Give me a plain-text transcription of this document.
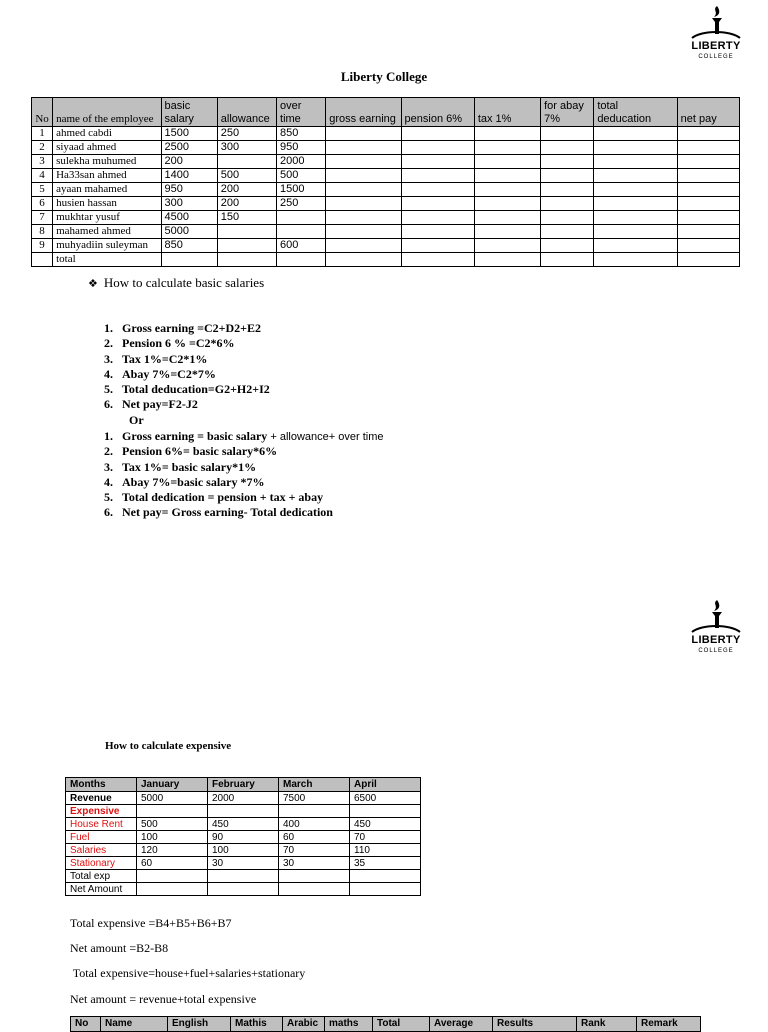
LIBERTY
COLLEGE
Liberty College
No	name of the employee	basic salary	allowance	over time	gross earning	pension 6%	tax 1%	for abay 7%	total deducation	net pay
1	ahmed cabdi	1500	250	850						
2	siyaad ahmed	2500	300	950						
3	sulekha muhumed	200		2000						
4	Ha33san ahmed	1400	500	500						
5	ayaan mahamed	950	200	1500						
6	husien hassan	300	200	250						
7	mukhtar yusuf	4500	150							
8	mahamed ahmed	5000								
9	muhyadiin suleyman	850		600						
	total									
❖ How to calculate basic salaries
1. Gross earning =C2+D2+E2
2. Pension 6 % =C2*6%
3. Tax 1%=C2*1%
4. Abay 7%=C2*7%
5. Total deducation=G2+H2+I2
6. Net pay=F2-J2
Or
1. Gross earning = basic salary + allowance+ over time
2. Pension 6%= basic salary*6%
3. Tax 1%= basic salary*1%
4. Abay 7%=basic salary *7%
5. Total dedication = pension + tax + abay
6. Net pay= Gross earning- Total dedication
LIBERTY
COLLEGE
How to calculate expensive
Months	January	February	March	April
Revenue	5000	2000	7500	6500
Expensive				
House Rent	500	450	400	450
Fuel	100	90	60	70
Salaries	120	100	70	110
Stationary	60	30	30	35
Total exp				
Net Amount				
Total expensive =B4+B5+B6+B7
Net amount =B2-B8
Total expensive=house+fuel+salaries+stationary
Net amount = revenue+total expensive
No	Name	English	Mathis	Arabic	maths	Total	Average	Results	Rank	Remark
